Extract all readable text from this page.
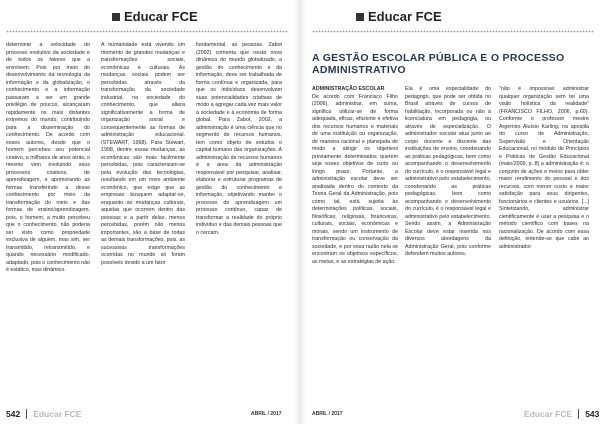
Educar FCE

determinar a velocidade do processo evolutivo da sociedade e de todos os fatores que a envolvem. Pois por meio do desenvolvimento da tecnologia da informação e da globalização, o conhecimento e a informação passaram a ser um grande privilégio de poucos, alcançaram rapidamente os mais distantes extremos do mundo, contribuindo para a disseminação do conhecimento. De acordo com esses autores, desde que o homem percebeu seu potencial criativo, a milhares de anos atrás, o mesmo vem evoluindo seus processos criativos, de aprendizagem, e aprimorando as formas transferindo a desse conhecimento por meio da transformação do meio e das formas de ensino/aprendizagem, pois, o homem, a muito percebeu que o conhecimento, não poderia ser visto como propriedade exclusiva de alguém, mas sim, ser transmitido, retransmitido, e quando necessário modificado, adaptado, pois o conhecimento não é estático, mas dinâmico.

A humanidade está vivendo um momento de grandes mudanças e transformações sociais, econômicas e culturais. As mudanças sociais podem ser percebidas através da transformação da sociedade industrial, na sociedade do conhecimento, que altera significativamente a forma de organização social e consequentemente as formas de administração educacional. (STEWART, 1998). Para Stewart, 1998, dentre essas mudanças, as econômicas são mais facilmente percebidas, pois caracterizam-se pela evolução das tecnologias, resultando em um novo ambiente econômico, que exige que as empresas busquem adaptar-se, enquanto as mudanças culturais, aquelas que ocorrem dentro das pessoas e a partir delas, menos percebidas, porém não menos importantes, são a base de todas as demais transformações, pois, as sucessivas transformações ocorridas no mundo só foram possíveis devido a um fator

fundamental, as pessoas. Zabot (2002) comenta que nesta nova dinâmica do mundo globalizado, a gestão do conhecimento e da informação, deve ser trabalhada de forma contínua e organizada, para que os indivíduos desenvolvam suas potencialidades criativas de modo a agregar cada vez mais valor à sociedade e à economia de forma global. Para Zabot, 2002, a administração é uma ciência que no segmento de recursos humanos, tem como objeto de estudos o capital humano das organizações. A administração de recursos humanos é a área da administração responsável por pesquisar, analisar, elaborar e estruturar programas de gestão do conhecimento e informação, objetivando manter o processo de aprendizagem um processo contínuo, capaz de transformar a realidade do próprio indivíduo e das demais pessoas que o cercam.

542 Educar FCE	ABRIL / 2017
Educar FCE
A GESTÃO ESCOLAR PÚBLICA E O PROCESSO ADMINISTRATIVO

ADMINISTRAÇÃO ESCOLAR

De acordo com Francisco Filho (2006), administrar, em suma, significa utilizar-se de forma adequada, eficaz, eficiente e efetiva dos recursos humanos e materiais de uma instituição ou organização, de maneira racional e planejada de modo a atingir os objetivos previamente determinados querem seja esses objetivos de curto ou longo prazo. Portanto, a administração escolar deve ser analisada dentro do contexto da Teoria Geral da Administração, pois como tal, está sujeita às determinações políticas, sociais, filosóficas, religiosas, financeiras, culturais, sociais, econômicas e morais, sendo um instrumento de transformação ou conservação da sociedade, e por essa razão nela se encontram os objetivos específicos, as metas, e as estratégias de ação.

Ela é uma especialidade do pedagogo, que pode ser obtida no Brasil através de cursos de habilitação, incorporada ou não à licenciatura em pedagogia, ou através de especialização. O administrador escolar atua junto ao corpo docente e discente das instituições de ensino, coordenando as práticas pedagógicas, bem como acompanhando o desenvolvimento do currículo, é o responsável legal e administrativo pelo estabelecimento, coordenando as práticas pedagógicas, bem como acompanhando o desenvolvimento do currículo, é o responsável legal e administrativo pelo estabelecimento. Sendo assim, a Administração Escolar deve estar inserida nos diversos abordagens da Administração Geral, pois conforme defendem muitos autores,

"não é impossível administrar qualquer organização sem ter uma visão holística da realidade" (FRANCISCO FILHO, 2006, p.60). Conforme o professor mestre Argemiro Aluísio Karling, na apostila do curso de Administração, Supervisão e Orientação Educacional, no módulo de Princípios e Práticas de Gestão Educacional (maio/2009, p. 8) a administração é: o conjunto de ações e meios para obter maior rendimento do pessoal e dos recursos, com menor custo e maior satisfação para seus dirigentes, funcionários e clientes e usuários. [...] Sintetizando, administrar cientificamente é usar a pesquisa e o método científico com bases na racionalização. De acordo com essa definição, entende-se que cabe ao administrador

ABRIL / 2017	Educar FCE 543
